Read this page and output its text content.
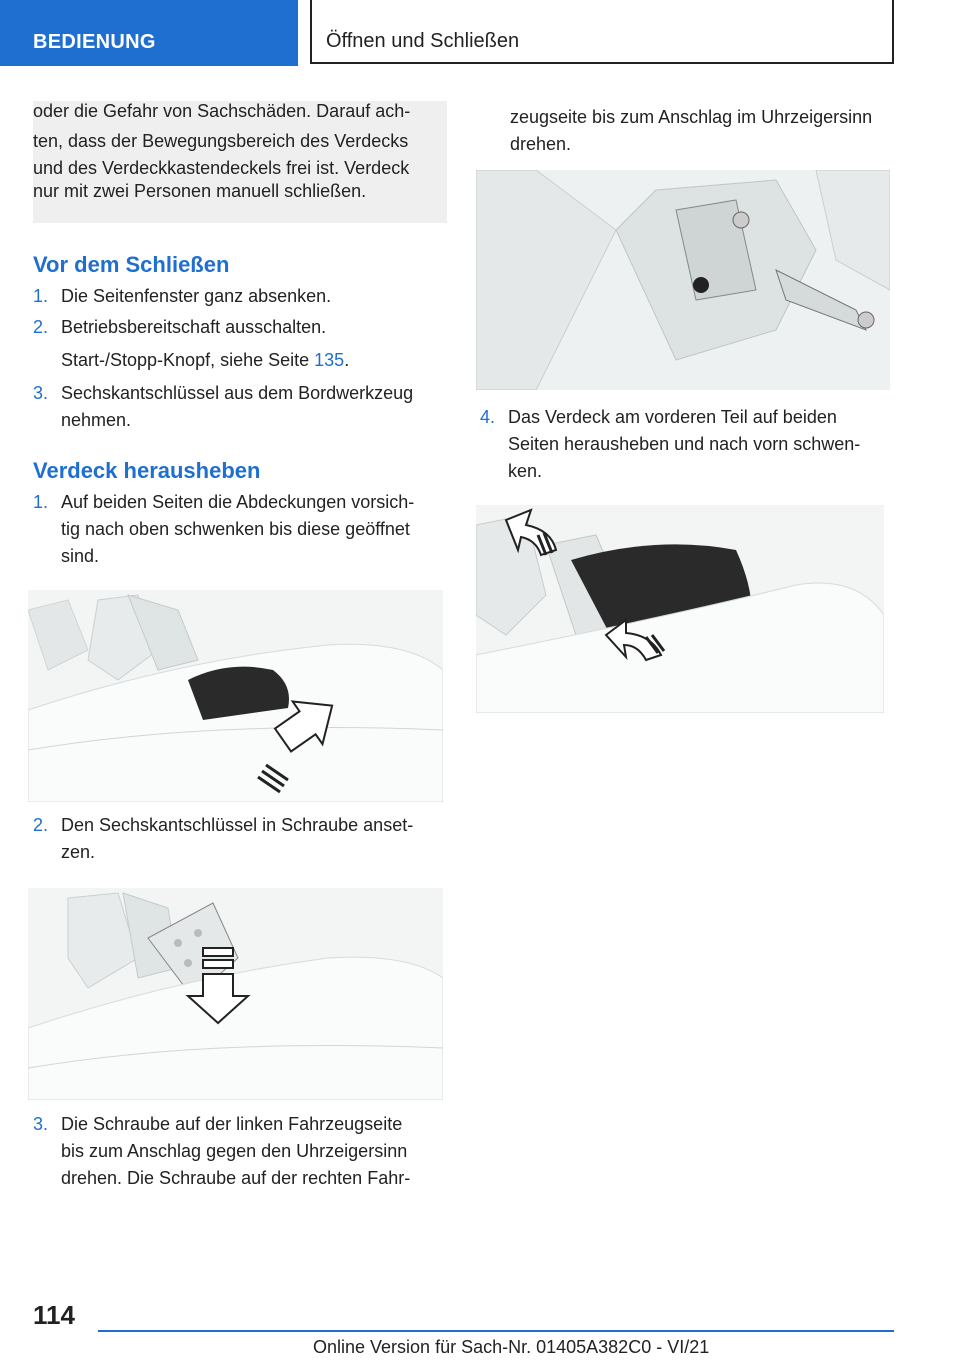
BEDIENUNG	Öffnen und Schließen
oder die Gefahr von Sachschäden. Darauf ach-
ten, dass der Bewegungsbereich des Verdecks
und des Verdeckkastendeckels frei ist. Verdeck
nur mit zwei Personen manuell schließen.
Vor dem Schließen
1. Die Seitenfenster ganz absenken.
2. Betriebsbereitschaft ausschalten.
Start-/Stopp-Knopf, siehe Seite 135.
3. Sechskantschlüssel aus dem Bordwerkzeug
nehmen.
Verdeck herausheben
1. Auf beiden Seiten die Abdeckungen vorsich-
tig nach oben schwenken bis diese geöffnet
sind.
2. Den Sechskantschlüssel in Schraube anset-
zen.
3. Die Schraube auf der linken Fahrzeugseite
bis zum Anschlag gegen den Uhrzeigersinn
drehen. Die Schraube auf der rechten Fahr-
zeugseite bis zum Anschlag im Uhrzeigersinn
drehen.
4. Das Verdeck am vorderen Teil auf beiden
Seiten herausheben und nach vorn schwen-
ken.
114
Online Version für Sach-Nr. 01405A382C0 - VI/21
